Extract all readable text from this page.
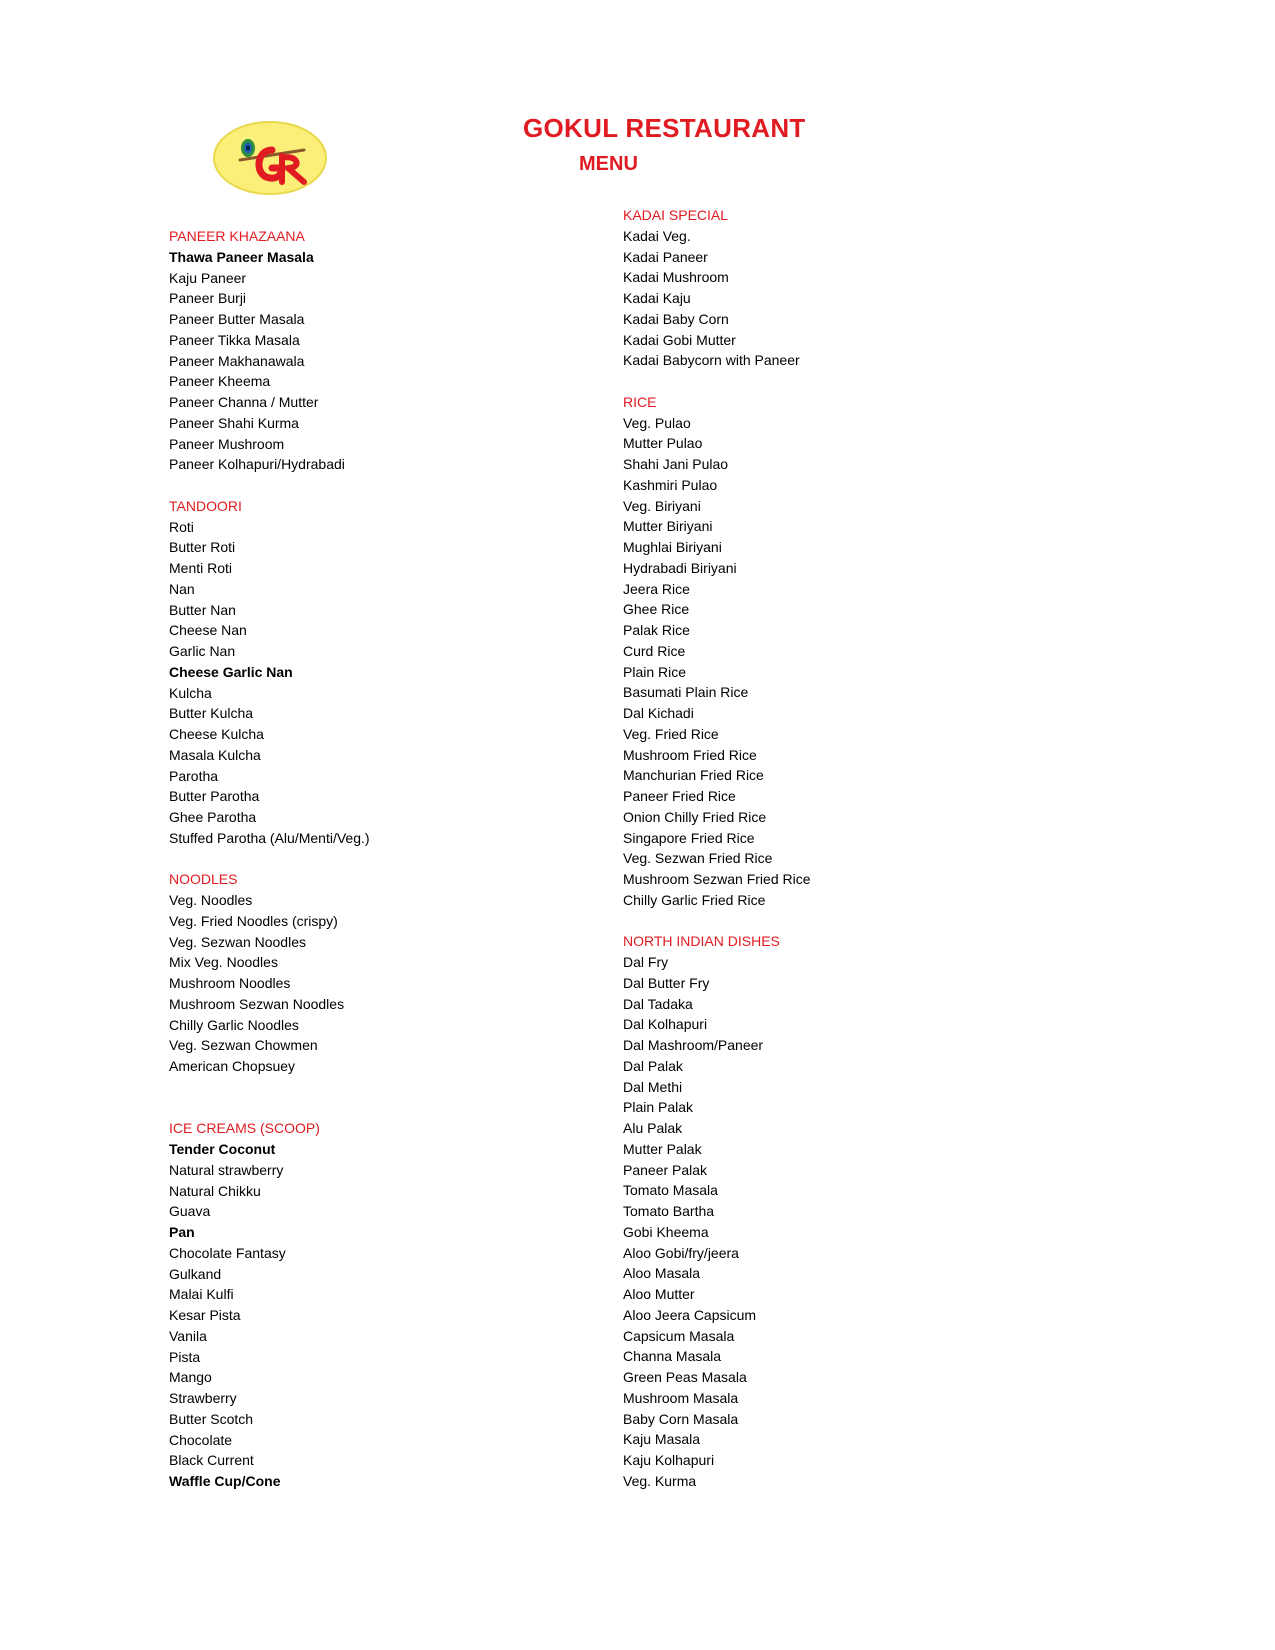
GOKUL RESTAURANT
MENU
PANEER KHAZAANA
Thawa Paneer Masala
Kaju Paneer
Paneer Burji
Paneer Butter Masala
Paneer Tikka Masala
Paneer Makhanawala
Paneer Kheema
Paneer Channa / Mutter
Paneer Shahi Kurma
Paneer Mushroom
Paneer Kolhapuri/Hydrabadi
TANDOORI
Roti
Butter Roti
Menti Roti
Nan
Butter Nan
Cheese Nan
Garlic Nan
Cheese Garlic Nan
Kulcha
Butter Kulcha
Cheese Kulcha
Masala Kulcha
Parotha
Butter Parotha
Ghee Parotha
Stuffed Parotha (Alu/Menti/Veg.)
NOODLES
Veg. Noodles
Veg. Fried Noodles (crispy)
Veg. Sezwan Noodles
Mix Veg. Noodles
Mushroom Noodles
Mushroom Sezwan Noodles
Chilly Garlic Noodles
Veg. Sezwan Chowmen
American Chopsuey
ICE CREAMS (SCOOP)
Tender Coconut
Natural strawberry
Natural Chikku
Guava
Pan
Chocolate Fantasy
Gulkand
Malai Kulfi
Kesar Pista
Vanila
Pista
Mango
Strawberry
Butter Scotch
Chocolate
Black Current
Waffle Cup/Cone
KADAI SPECIAL
Kadai Veg.
Kadai Paneer
Kadai Mushroom
Kadai Kaju
Kadai Baby Corn
Kadai Gobi Mutter
Kadai Babycorn with Paneer
RICE
Veg. Pulao
Mutter Pulao
Shahi Jani Pulao
Kashmiri Pulao
Veg. Biriyani
Mutter Biriyani
Mughlai Biriyani
Hydrabadi Biriyani
Jeera Rice
Ghee Rice
Palak Rice
Curd Rice
Plain Rice
Basumati Plain Rice
Dal Kichadi
Veg. Fried Rice
Mushroom Fried Rice
Manchurian Fried Rice
Paneer Fried Rice
Onion Chilly Fried Rice
Singapore Fried Rice
Veg. Sezwan Fried Rice
Mushroom Sezwan Fried Rice
Chilly Garlic Fried Rice
NORTH INDIAN DISHES
Dal Fry
Dal Butter Fry
Dal Tadaka
Dal Kolhapuri
Dal Mashroom/Paneer
Dal Palak
Dal Methi
Plain Palak
Alu Palak
Mutter Palak
Paneer Palak
Tomato Masala
Tomato Bartha
Gobi Kheema
Aloo Gobi/fry/jeera
Aloo Masala
Aloo Mutter
Aloo Jeera Capsicum
Capsicum Masala
Channa Masala
Green Peas Masala
Mushroom Masala
Baby Corn Masala
Kaju Masala
Kaju Kolhapuri
Veg. Kurma
